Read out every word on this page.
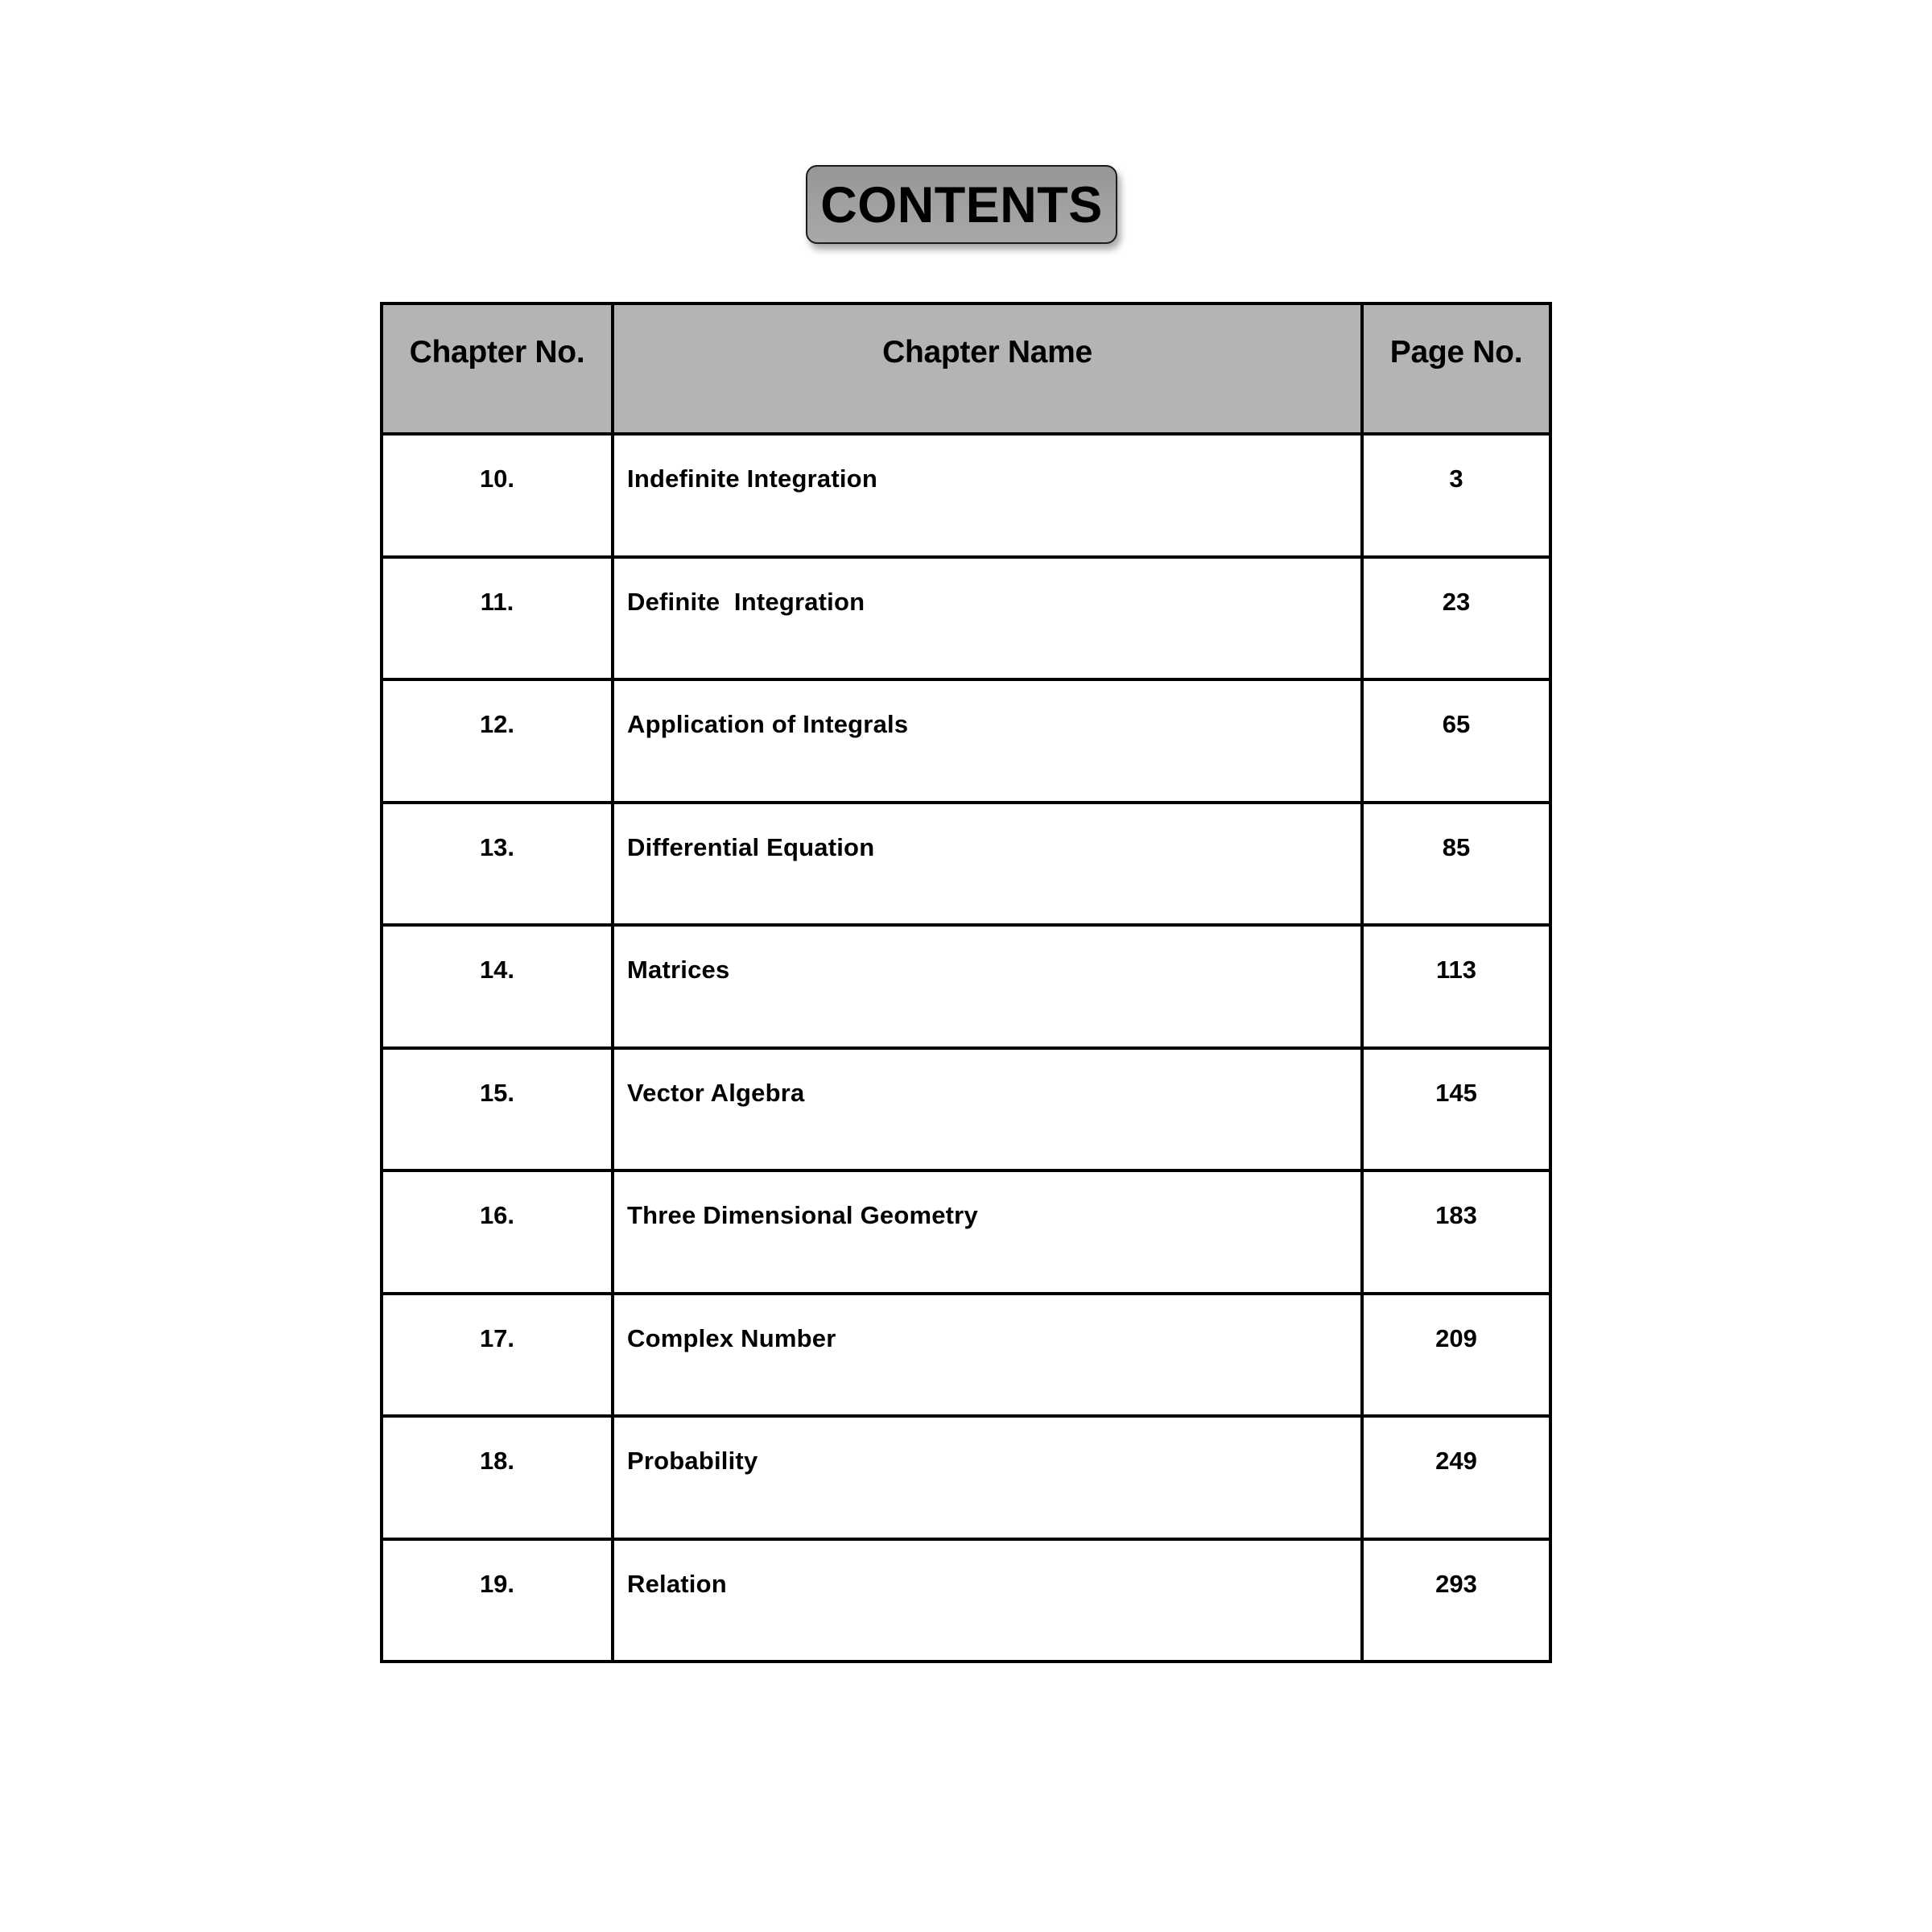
CONTENTS
Chapter No.	Chapter Name	Page No.
10.	Indefinite Integration	3
11.	Definite  Integration	23
12.	Application of Integrals	65
13.	Differential Equation	85
14.	Matrices	113
15.	Vector Algebra	145
16.	Three Dimensional Geometry	183
17.	Complex Number	209
18.	Probability	249
19.	Relation	293
